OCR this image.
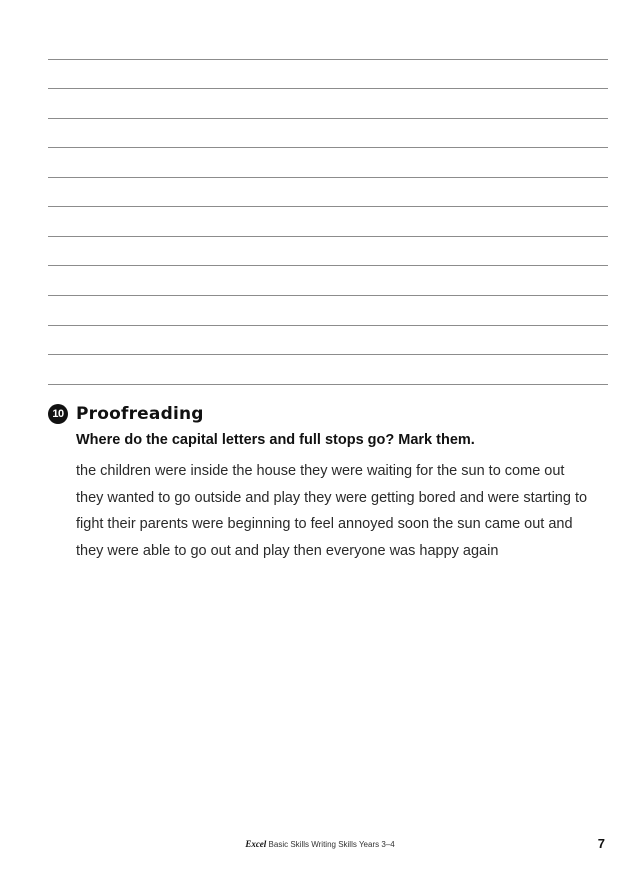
10 Proofreading
Where do the capital letters and full stops go? Mark them.
the children were inside the house they were waiting for the sun to come out
they wanted to go outside and play they were getting bored and were starting to
fight their parents were beginning to feel annoyed soon the sun came out and
they were able to go out and play then everyone was happy again
Excel Basic Skills Writing Skills Years 3–4	7
